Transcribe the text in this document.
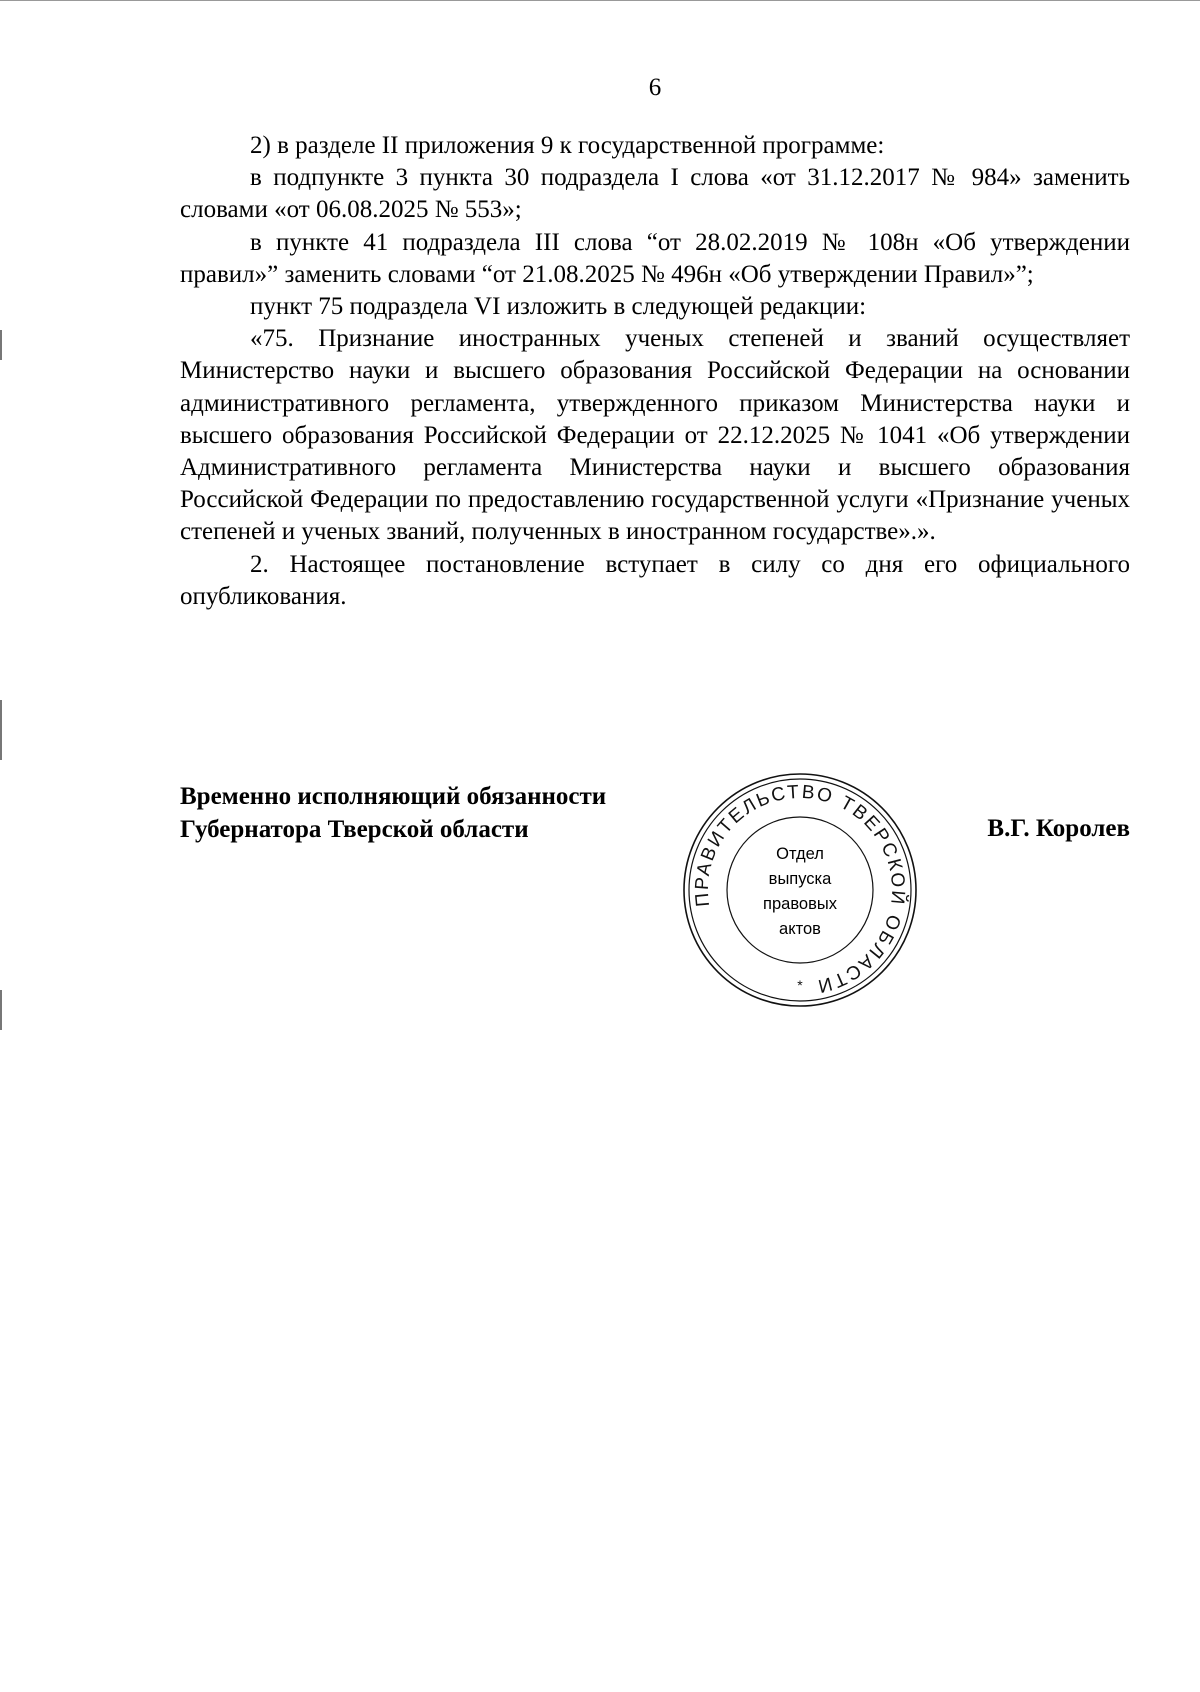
6

2) в разделе II приложения 9 к государственной программе:

в подпункте 3 пункта 30 подраздела I слова «от 31.12.2017 № 984» заменить словами «от 06.08.2025 № 553»;

в пункте 41 подраздела III слова “от 28.02.2019 № 108н «Об утверждении правил»” заменить словами “от 21.08.2025 № 496н «Об утверждении Правил»”;

пункт 75 подраздела VI изложить в следующей редакции:

«75. Признание иностранных ученых степеней и званий осуществляет Министерство науки и высшего образования Российской Федерации на основании административного регламента, утвержденного приказом Министерства науки и высшего образования Российской Федерации от 22.12.2025 № 1041 «Об утверждении Административного регламента Министерства науки и высшего образования Российской Федерации по предоставлению государственной услуги «Признание ученых степеней и ученых званий, полученных в иностранном государстве».».

2. Настоящее постановление вступает в силу со дня его официального опубликования.

Временно исполняющий обязанности
Губернатора Тверской области
ПРАВИТЕЛЬСТВО ТВЕРСКОЙ ОБЛАСТИ
*
Отдел
выпуска
правовых
актов
В.Г. Королев
